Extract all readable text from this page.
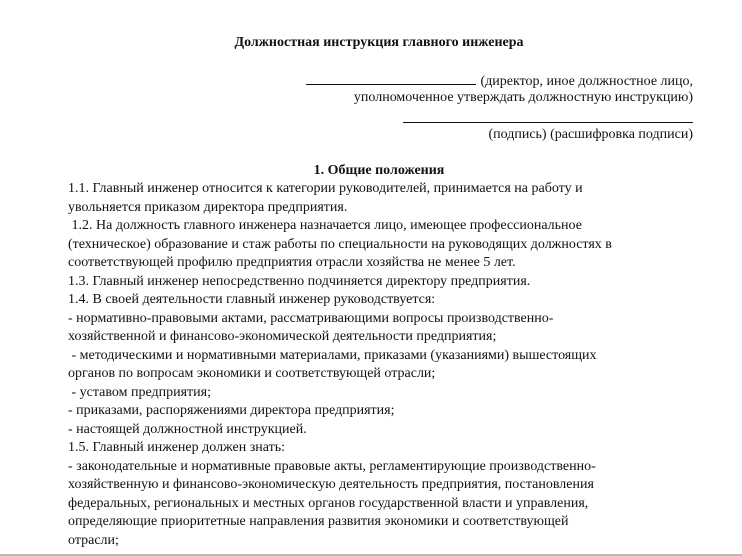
Должностная инструкция главного инженера
(директор, иное должностное лицо,
уполномоченное утверждать должностную инструкцию)
(подпись) (расшифровка подписи)
1. Общие положения
1.1. Главный инженер относится к категории руководителей, принимается на работу и
увольняется приказом директора предприятия.
1.2. На должность главного инженера назначается лицо, имеющее профессиональное
(техническое) образование и стаж работы по специальности на руководящих должностях в
соответствующей профилю предприятия отрасли хозяйства не менее 5 лет.
1.3. Главный инженер непосредственно подчиняется директору предприятия.
1.4. В своей деятельности главный инженер руководствуется:
- нормативно-правовыми актами, рассматривающими вопросы производственно-
хозяйственной и финансово-экономической деятельности предприятия;
- методическими и нормативными материалами, приказами (указаниями) вышестоящих
органов по вопросам экономики и соответствующей отрасли;
- уставом предприятия;
- приказами, распоряжениями директора предприятия;
- настоящей должностной инструкцией.
1.5. Главный инженер должен знать:
- законодательные и нормативные правовые акты, регламентирующие производственно-
хозяйственную и финансово-экономическую деятельность предприятия, постановления
федеральных, региональных и местных органов государственной власти и управления,
определяющие приоритетные направления развития экономики и соответствующей
отрасли;
